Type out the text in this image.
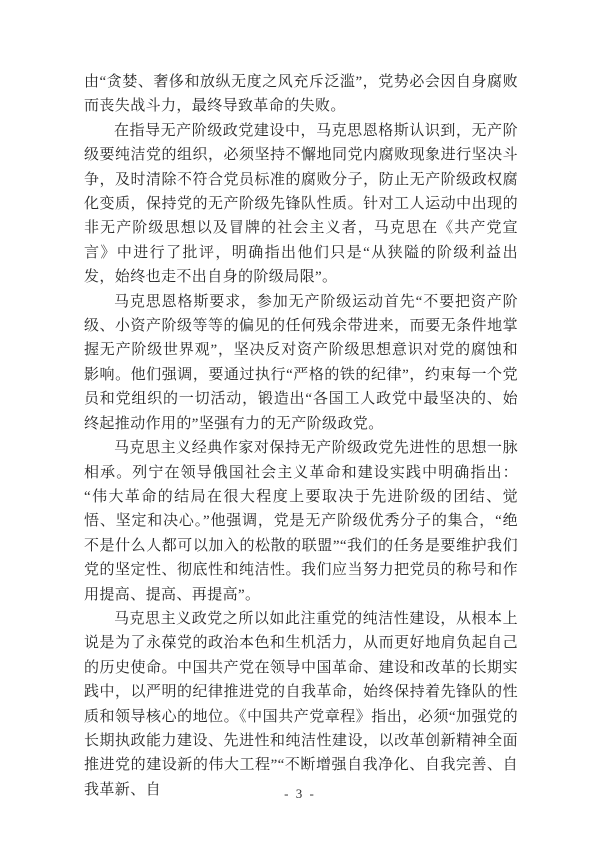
由“贪婪、奢侈和放纵无度之风充斥泛滥”，党势必会因自身腐败而丧失战斗力，最终导致革命的失败。

在指导无产阶级政党建设中，马克思恩格斯认识到，无产阶级要纯洁党的组织，必须坚持不懈地同党内腐败现象进行坚决斗争，及时清除不符合党员标准的腐败分子，防止无产阶级政权腐化变质，保持党的无产阶级先锋队性质。针对工人运动中出现的非无产阶级思想以及冒牌的社会主义者，马克思在《共产党宣言》中进行了批评，明确指出他们只是“从狭隘的阶级利益出发，始终也走不出自身的阶级局限”。

马克思恩格斯要求，参加无产阶级运动首先“不要把资产阶级、小资产阶级等等的偏见的任何残余带进来，而要无条件地掌握无产阶级世界观”，坚决反对资产阶级思想意识对党的腐蚀和影响。他们强调，要通过执行“严格的铁的纪律”，约束每一个党员和党组织的一切活动，锻造出“各国工人政党中最坚决的、始终起推动作用的”坚强有力的无产阶级政党。

马克思主义经典作家对保持无产阶级政党先进性的思想一脉相承。列宁在领导俄国社会主义革命和建设实践中明确指出：“伟大革命的结局在很大程度上要取决于先进阶级的团结、觉悟、坚定和决心。”他强调，党是无产阶级优秀分子的集合，“绝不是什么人都可以加入的松散的联盟”“我们的任务是要维护我们党的坚定性、彻底性和纯洁性。我们应当努力把党员的称号和作用提高、提高、再提高”。

马克思主义政党之所以如此注重党的纯洁性建设，从根本上说是为了永葆党的政治本色和生机活力，从而更好地肩负起自己的历史使命。中国共产党在领导中国革命、建设和改革的长期实践中，以严明的纪律推进党的自我革命，始终保持着先锋队的性质和领导核心的地位。《中国共产党章程》指出，必须“加强党的长期执政能力建设、先进性和纯洁性建设，以改革创新精神全面推进党的建设新的伟大工程”“不断增强自我净化、自我完善、自我革新、自	- 3 -
